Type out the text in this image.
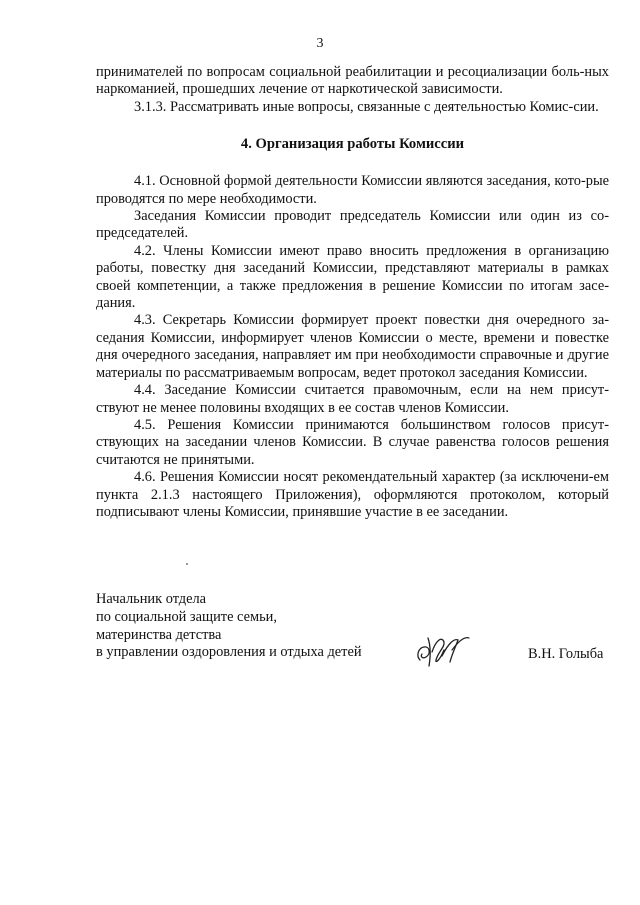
3

принимателей по вопросам социальной реабилитации и ресоциализации боль-ных наркоманией, прошедших лечение от наркотической зависимости.

3.1.3. Рассматривать иные вопросы, связанные с деятельностью Комис-сии.

4. Организация работы Комиссии

4.1. Основной формой деятельности Комиссии являются заседания, кото-рые проводятся по мере необходимости.

Заседания Комиссии проводит председатель Комиссии или один из со-председателей.

4.2. Члены Комиссии имеют право вносить предложения в организацию работы, повестку дня заседаний Комиссии, представляют материалы в рамках своей компетенции, а также предложения в решение Комиссии по итогам засе-дания.

4.3. Секретарь Комиссии формирует проект повестки дня очередного за-седания Комиссии, информирует членов Комиссии о месте, времени и повестке дня очередного заседания, направляет им при необходимости справочные и другие материалы по рассматриваемым вопросам, ведет протокол заседания Комиссии.

4.4. Заседание Комиссии считается правомочным, если на нем присут-ствуют не менее половины входящих в ее состав членов Комиссии.

4.5. Решения Комиссии принимаются большинством голосов присут-ствующих на заседании членов Комиссии. В случае равенства голосов решения считаются не принятыми.

4.6. Решения Комиссии носят рекомендательный характер (за исключени-ем пункта 2.1.3 настоящего Приложения), оформляются протоколом, который подписывают члены Комиссии, принявшие участие в ее заседании.

Начальник отдела
по социальной защите семьи,
материнства детства
в управлении оздоровления и отдыха детей	В.Н. Голыба
